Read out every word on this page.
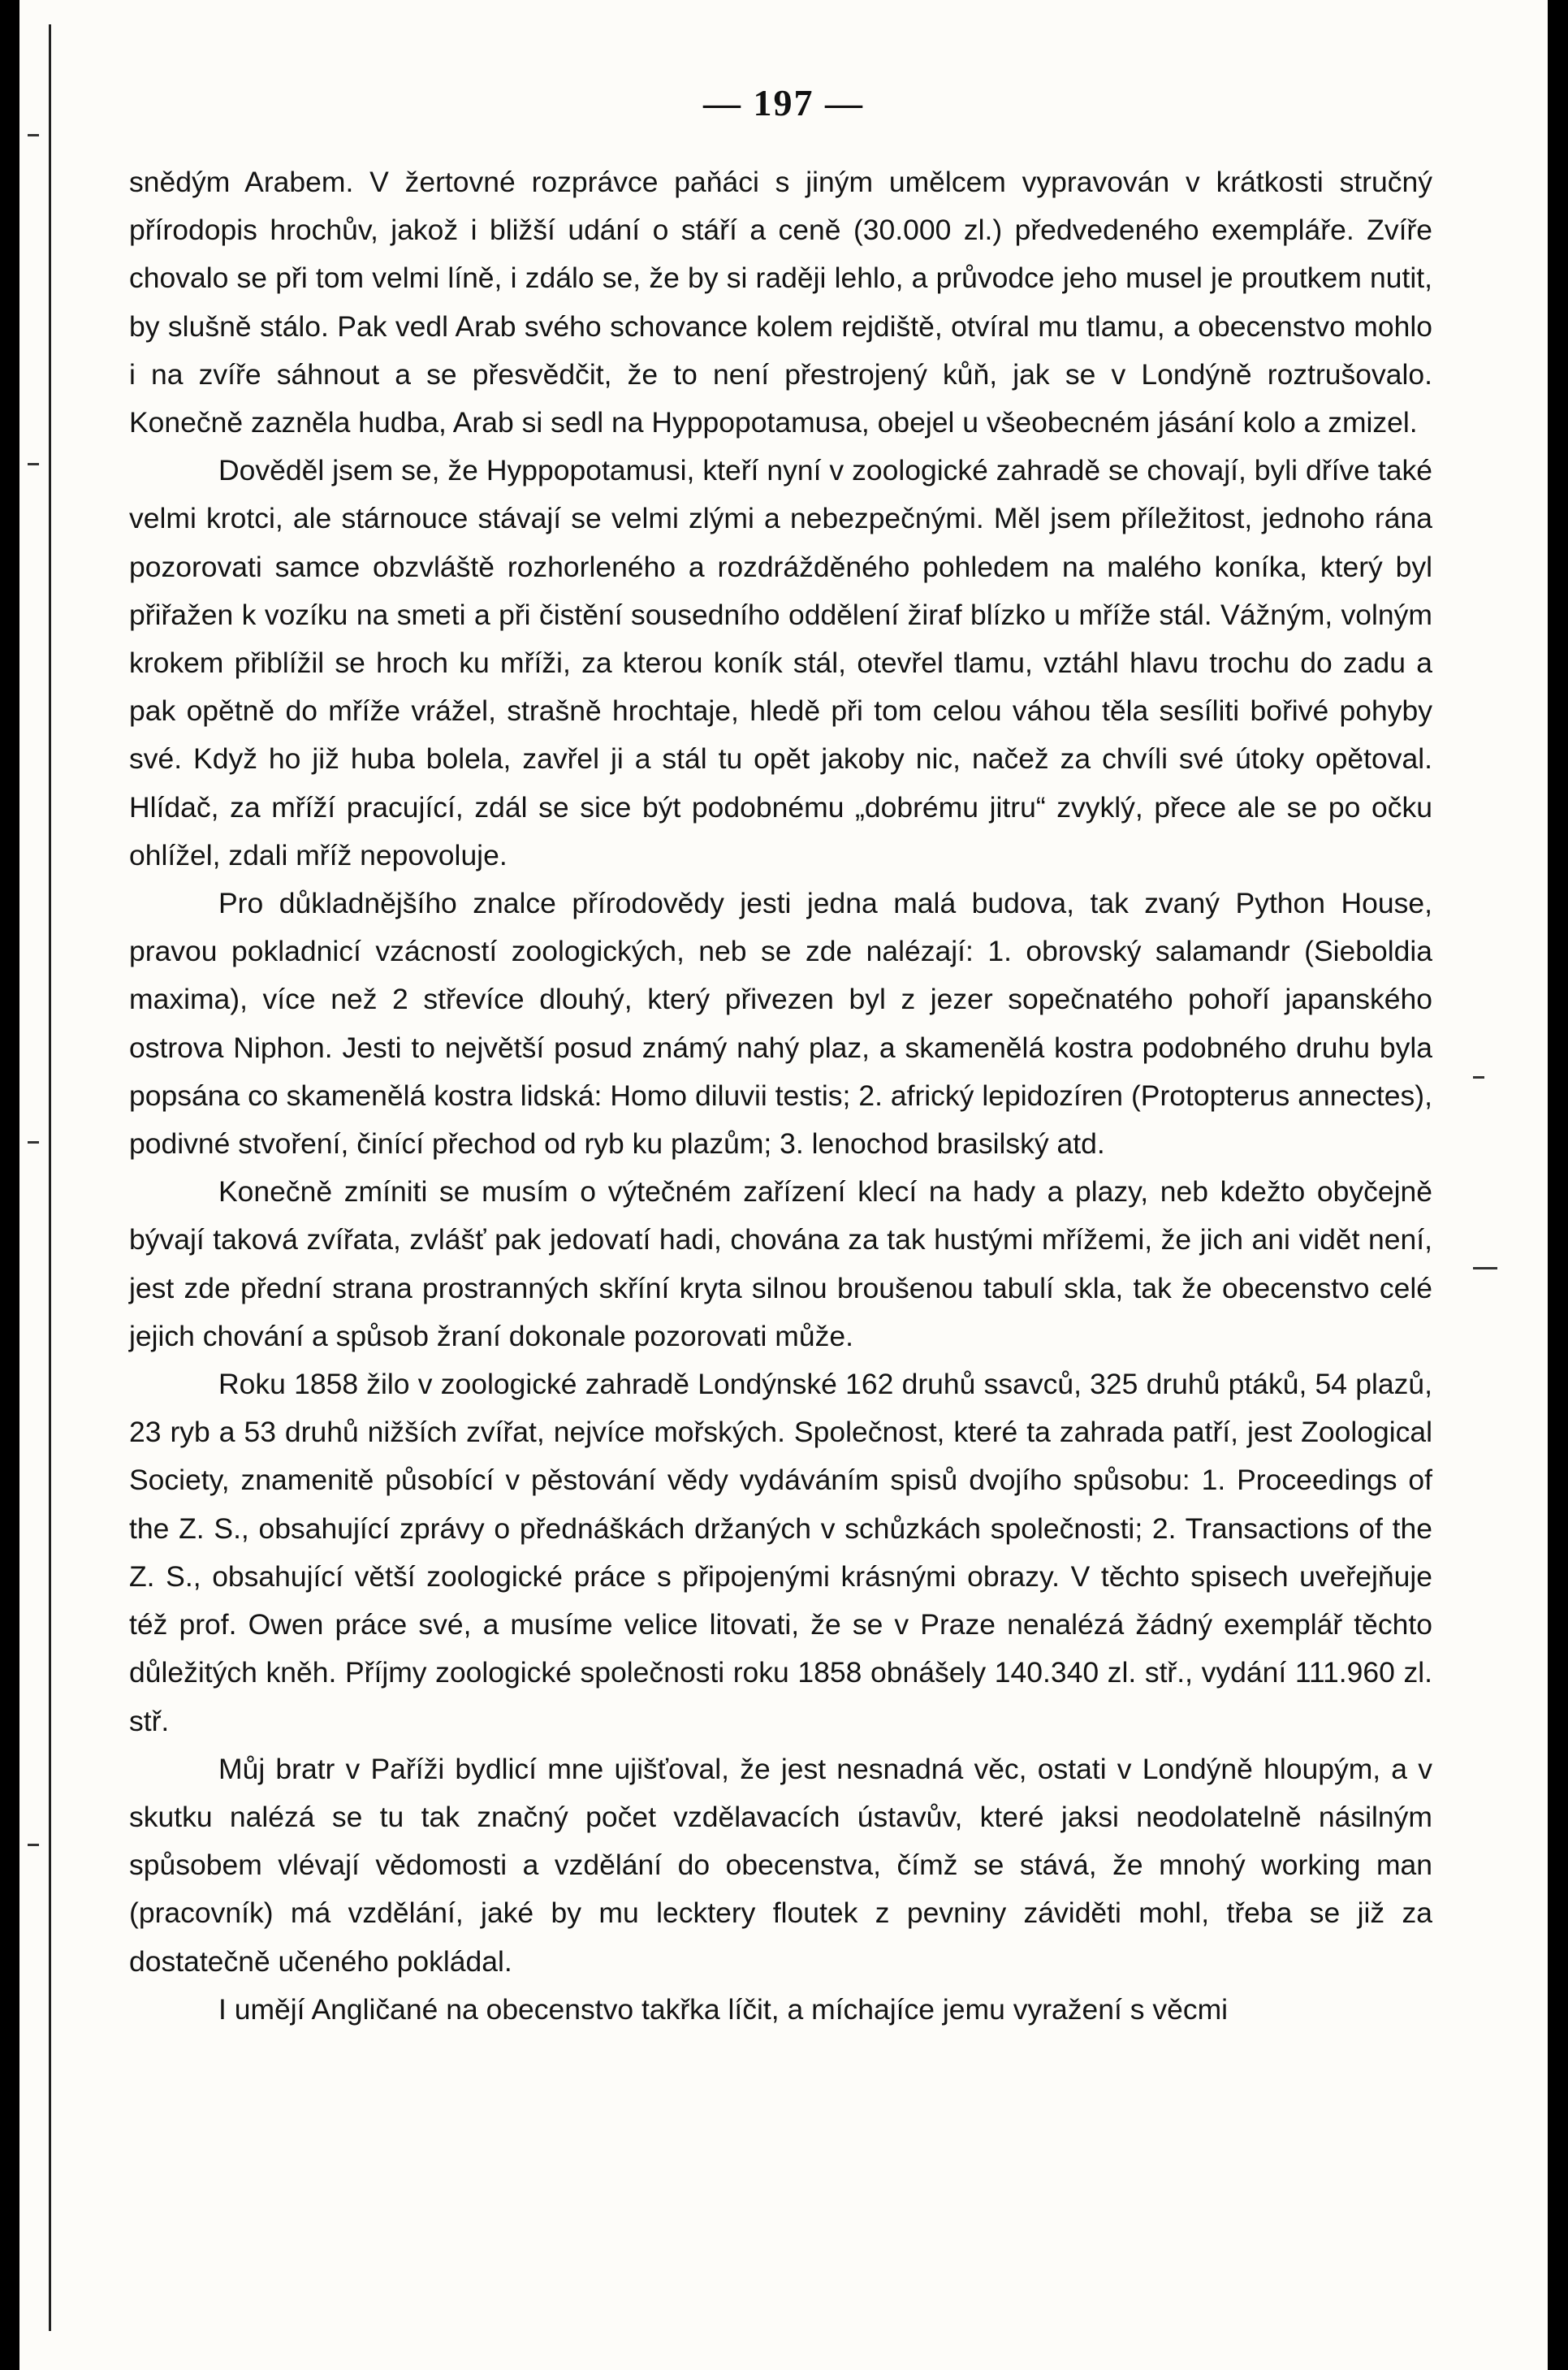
— 197 —

snědým Arabem. V žertovné rozprávce paňáci s jiným umělcem vypravován v krátkosti stručný přírodopis hrochův, jakož i bližší udání o stáří a ceně (30.000 zl.) předvedeného exempláře. Zvíře chovalo se při tom velmi líně, i zdálo se, že by si raději lehlo, a průvodce jeho musel je proutkem nutit, by slušně stálo. Pak vedl Arab svého schovance kolem rejdiště, otvíral mu tlamu, a obecenstvo mohlo i na zvíře sáhnout a se přesvědčit, že to není přestrojený kůň, jak se v Londýně roztrušovalo. Konečně zazněla hudba, Arab si sedl na Hyppopotamusa, obejel u všeobecném jásání kolo a zmizel.

Dověděl jsem se, že Hyppopotamusi, kteří nyní v zoologické zahradě se chovají, byli dříve také velmi krotci, ale stárnouce stávají se velmi zlými a nebezpečnými. Měl jsem příležitost, jednoho rána pozorovati samce obzvláště rozhorleného a rozdrážděného pohledem na malého koníka, který byl přiřažen k vozíku na smeti a při čistění sousedního oddělení žiraf blízko u mříže stál. Vážným, volným krokem přiblížil se hroch ku mříži, za kterou koník stál, otevřel tlamu, vztáhl hlavu trochu do zadu a pak opětně do mříže vrážel, strašně hrochtaje, hledě při tom celou váhou těla sesíliti bořivé pohyby své. Když ho již huba bolela, zavřel ji a stál tu opět jakoby nic, načež za chvíli své útoky opětoval. Hlídač, za mříží pracující, zdál se sice být podobnému „dobrému jitru“ zvyklý, přece ale se po očku ohlížel, zdali mříž nepovoluje.

Pro důkladnějšího znalce přírodovědy jesti jedna malá budova, tak zvaný Python House, pravou pokladnicí vzácností zoologických, neb se zde nalézají: 1. obrovský salamandr (Sieboldia maxima), více než 2 střevíce dlouhý, který přivezen byl z jezer sopečnatého pohoří japanského ostrova Niphon. Jesti to největší posud známý nahý plaz, a skamenělá kostra podobného druhu byla popsána co skamenělá kostra lidská: Homo diluvii testis; 2. africký lepidozíren (Protopterus annectes), podivné stvoření, činící přechod od ryb ku plazům; 3. lenochod brasilský atd.

Konečně zmíniti se musím o výtečném zařízení klecí na hady a plazy, neb kdežto obyčejně bývají taková zvířata, zvlášť pak jedovatí hadi, chována za tak hustými mřížemi, že jich ani vidět není, jest zde přední strana prostranných skříní kryta silnou broušenou tabulí skla, tak že obecenstvo celé jejich chování a spůsob žraní dokonale pozorovati může.

Roku 1858 žilo v zoologické zahradě Londýnské 162 druhů ssavců, 325 druhů ptáků, 54 plazů, 23 ryb a 53 druhů nižších zvířat, nejvíce mořských. Společnost, které ta zahrada patří, jest Zoological Society, znamenitě působící v pěstování vědy vydáváním spisů dvojího spůsobu: 1. Proceedings of the Z. S., obsahující zprávy o přednáškách držaných v schůzkách společnosti; 2. Transactions of the Z. S., obsahující větší zoologické práce s připojenými krásnými obrazy. V těchto spisech uveřejňuje též prof. Owen práce své, a musíme velice litovati, že se v Praze nenalézá žádný exemplář těchto důležitých kněh. Příjmy zoologické společnosti roku 1858 obnášely 140.340 zl. stř., vydání 111.960 zl. stř.

Můj bratr v Paříži bydlicí mne ujišťoval, že jest nesnadná věc, ostati v Londýně hloupým, a v skutku nalézá se tu tak značný počet vzdělavacích ústavův, které jaksi neodolatelně násilným spůsobem vlévají vědomosti a vzdělání do obecenstva, čímž se stává, že mnohý working man (pracovník) má vzdělání, jaké by mu lecktery floutek z pevniny záviděti mohl, třeba se již za dostatečně učeného pokládal.

I umějí Angličané na obecenstvo takřka líčit, a míchajíce jemu vyražení s věcmi
